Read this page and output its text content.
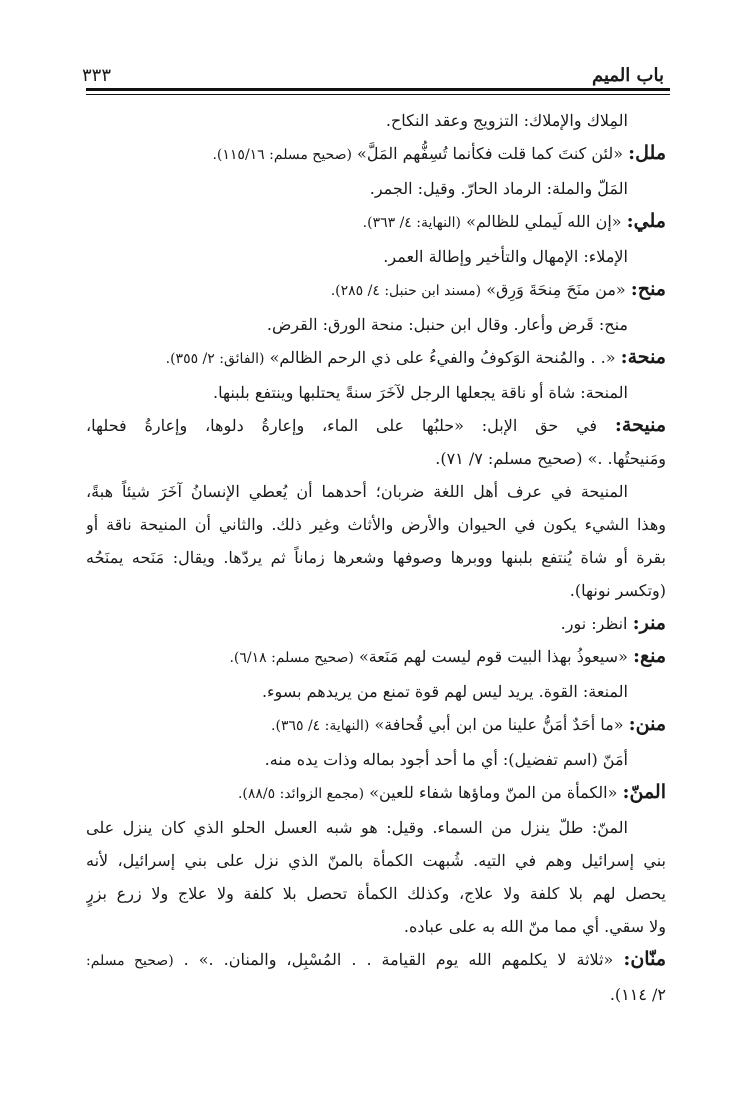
باب الميم
٣٣٣
المِلاك والإملاك: التزويج وعقد النكاح.
ملل: «لئن كنتَ كما قلت فكأنما تُسِفُّهم المَلَّ» (صحيح مسلم: ١١٥/١٦).
المَلّ والملة: الرماد الحارّ. وقيل: الجمر.
ملي: «إن الله لَيملي للظالم» (النهاية: ٤/ ٣٦٣).
الإملاء: الإمهال والتأخير وإطالة العمر.
منح: «من منَحَ مِنحَةَ وَرِق» (مسند ابن حنبل: ٤/ ٢٨٥).
منح: قَرض وأعار. وقال ابن حنبل: منحة الورق: القرض.
منحة: «. . والمُنحة الوَكوفُ والفيءُ على ذي الرحم الظالم» (الفائق: ٢/ ٣٥٥).
المنحة: شاة أو ناقة يجعلها الرجل لآخَرَ سنةً يحتلبها وينتفع بلبنها.
منيحة: في حق الإبل: «حلبُها على الماء، وإعارةُ دلوها، وإعارةُ فحلها،
ومَنيحتُها. .» (صحيح مسلم: ٧/ ٧١).
المنيحة في عرف أهل اللغة ضربان؛ أحدهما أن يُعطي الإنسانُ آخَرَ شيئاً هبةً،
وهذا الشيء يكون في الحيوان والأرض والأثاث وغير ذلك. والثاني أن المنيحة ناقة أو
بقرة أو شاة يُنتفع بلبنها ووبرها وصوفها وشعرها زماناً ثم يردّها. ويقال: مَنَحه يمنَحُه
(وتكسر نونها).
منر: انظر: نور.
منع: «سيعوذُ بهذا البيت قوم ليست لهم مَنَعة» (صحيح مسلم: ٦/١٨).
المنعة: القوة. يريد ليس لهم قوة تمنع من يريدهم بسوء.
منن: «ما أحَدٌ أمَنُّ علينا من ابن أبي قُحافة» (النهاية: ٤/ ٣٦٥).
أمَنّ (اسم تفضيل): أي ما أحد أجود بماله وذات يده منه.
المنّ: «الكمأة من المنّ وماؤها شفاء للعين» (مجمع الزوائد: ٨٨/٥).
المنّ: طلّ ينزل من السماء. وقيل: هو شبه العسل الحلو الذي كان ينزل على
بني إسرائيل وهم في التيه. شُبهت الكمأة بالمنّ الذي نزل على بني إسرائيل، لأنه
يحصل لهم بلا كلفة ولا علاج، وكذلك الكمأة تحصل بلا كلفة ولا علاج ولا زرع بزرٍ
ولا سقي. أي مما منّ الله به على عباده.
منّان: «ثلاثة لا يكلمهم الله يوم القيامة . . المُسْبِل، والمنان. .» . (صحيح مسلم:
٢/ ١١٤).
